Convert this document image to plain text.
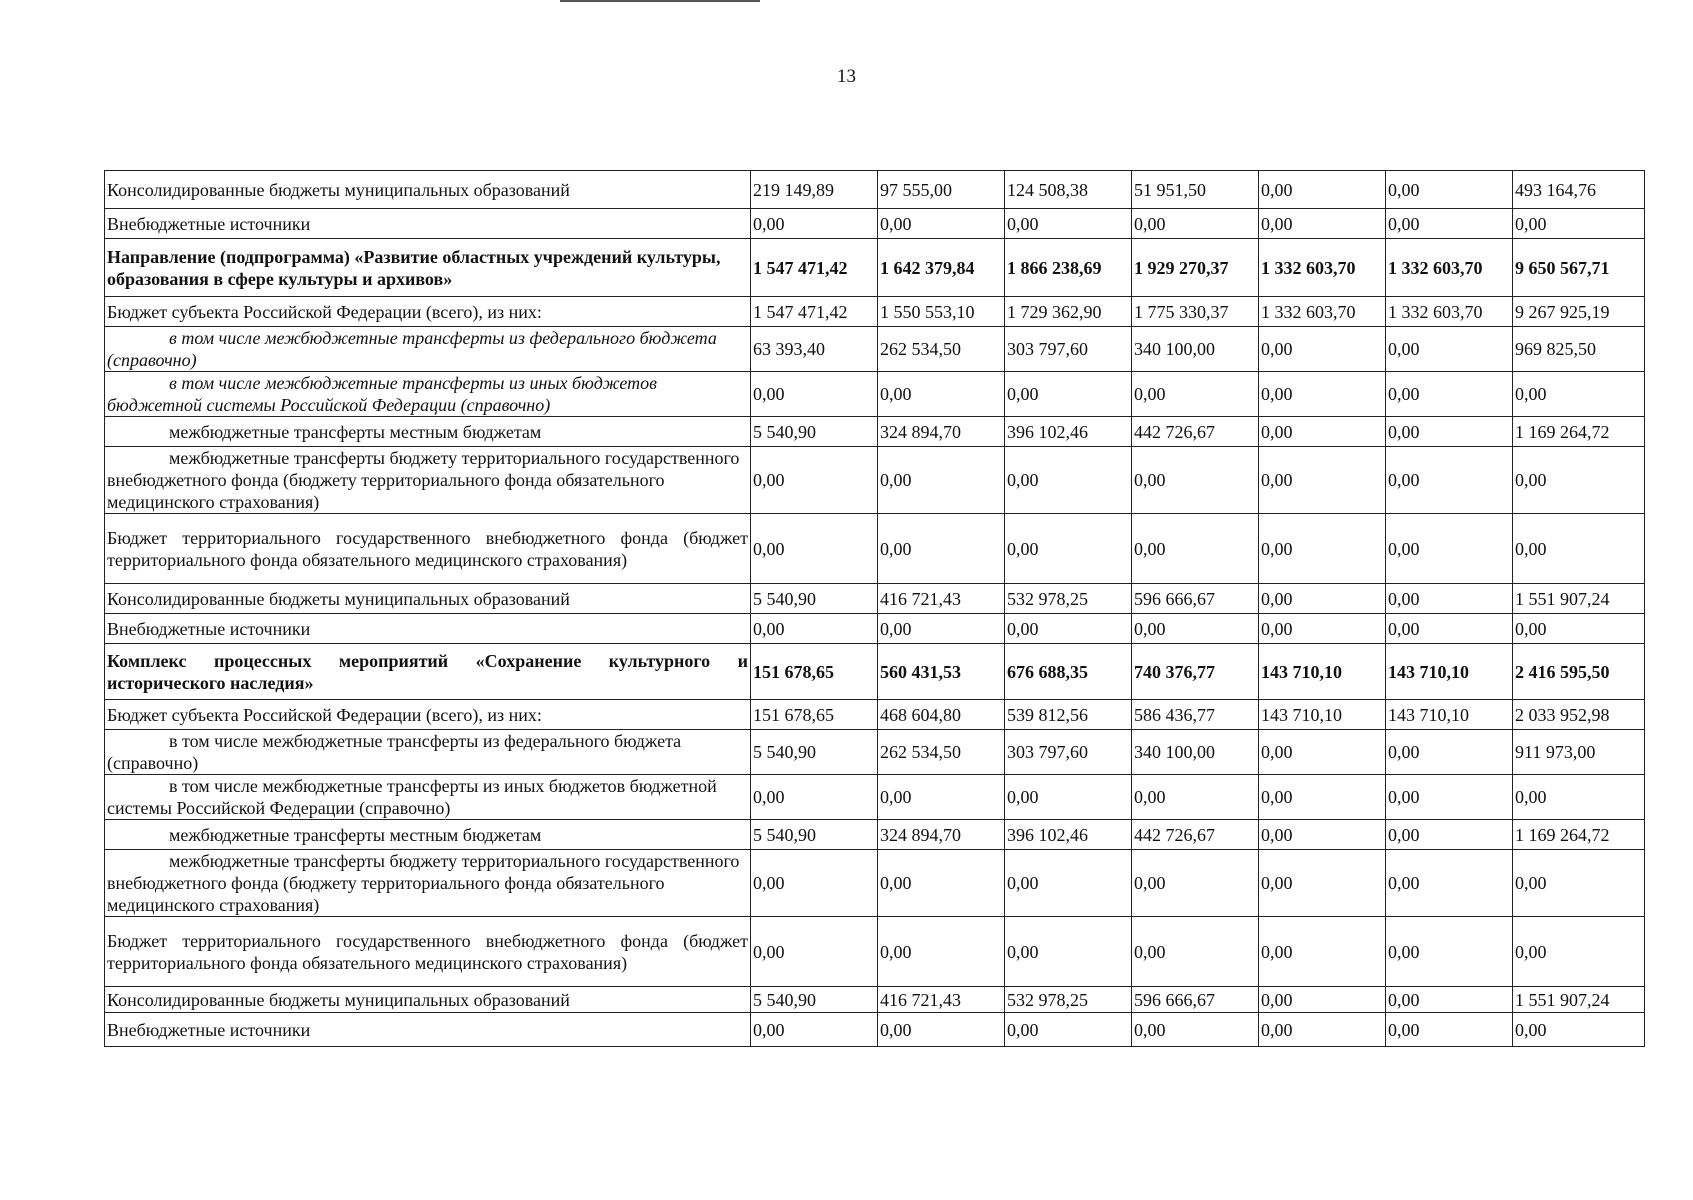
13
Консолидированные бюджеты муниципальных образований	219 149,89	97 555,00	124 508,38	51 951,50	0,00	0,00	493 164,76
Внебюджетные источники	0,00	0,00	0,00	0,00	0,00	0,00	0,00
Направление (подпрограмма) «Развитие областных учреждений культуры, образования в сфере культуры и архивов»	1 547 471,42	1 642 379,84	1 866 238,69	1 929 270,37	1 332 603,70	1 332 603,70	9 650 567,71
Бюджет субъекта Российской Федерации (всего), из них:	1 547 471,42	1 550 553,10	1 729 362,90	1 775 330,37	1 332 603,70	1 332 603,70	9 267 925,19
в том числе межбюджетные трансферты из федерального бюджета (справочно)	63 393,40	262 534,50	303 797,60	340 100,00	0,00	0,00	969 825,50
в том числе межбюджетные трансферты из иных бюджетов бюджетной системы Российской Федерации (справочно)	0,00	0,00	0,00	0,00	0,00	0,00	0,00
межбюджетные трансферты местным бюджетам	5 540,90	324 894,70	396 102,46	442 726,67	0,00	0,00	1 169 264,72
межбюджетные трансферты бюджету территориального государственного внебюджетного фонда (бюджету территориального фонда обязательного медицинского страхования)	0,00	0,00	0,00	0,00	0,00	0,00	0,00
Бюджет территориального государственного внебюджетного фонда (бюджет территориального фонда обязательного медицинского страхования)	0,00	0,00	0,00	0,00	0,00	0,00	0,00
Консолидированные бюджеты муниципальных образований	5 540,90	416 721,43	532 978,25	596 666,67	0,00	0,00	1 551 907,24
Внебюджетные источники	0,00	0,00	0,00	0,00	0,00	0,00	0,00
Комплекс процессных мероприятий «Сохранение культурного и исторического наследия»	151 678,65	560 431,53	676 688,35	740 376,77	143 710,10	143 710,10	2 416 595,50
Бюджет субъекта Российской Федерации (всего), из них:	151 678,65	468 604,80	539 812,56	586 436,77	143 710,10	143 710,10	2 033 952,98
в том числе межбюджетные трансферты из федерального бюджета (справочно)	5 540,90	262 534,50	303 797,60	340 100,00	0,00	0,00	911 973,00
в том числе межбюджетные трансферты из иных бюджетов бюджетной системы Российской Федерации (справочно)	0,00	0,00	0,00	0,00	0,00	0,00	0,00
межбюджетные трансферты местным бюджетам	5 540,90	324 894,70	396 102,46	442 726,67	0,00	0,00	1 169 264,72
межбюджетные трансферты бюджету территориального государственного внебюджетного фонда (бюджету территориального фонда обязательного медицинского страхования)	0,00	0,00	0,00	0,00	0,00	0,00	0,00
Бюджет территориального государственного внебюджетного фонда (бюджет территориального фонда обязательного медицинского страхования)	0,00	0,00	0,00	0,00	0,00	0,00	0,00
Консолидированные бюджеты муниципальных образований	5 540,90	416 721,43	532 978,25	596 666,67	0,00	0,00	1 551 907,24
Внебюджетные источники	0,00	0,00	0,00	0,00	0,00	0,00	0,00
